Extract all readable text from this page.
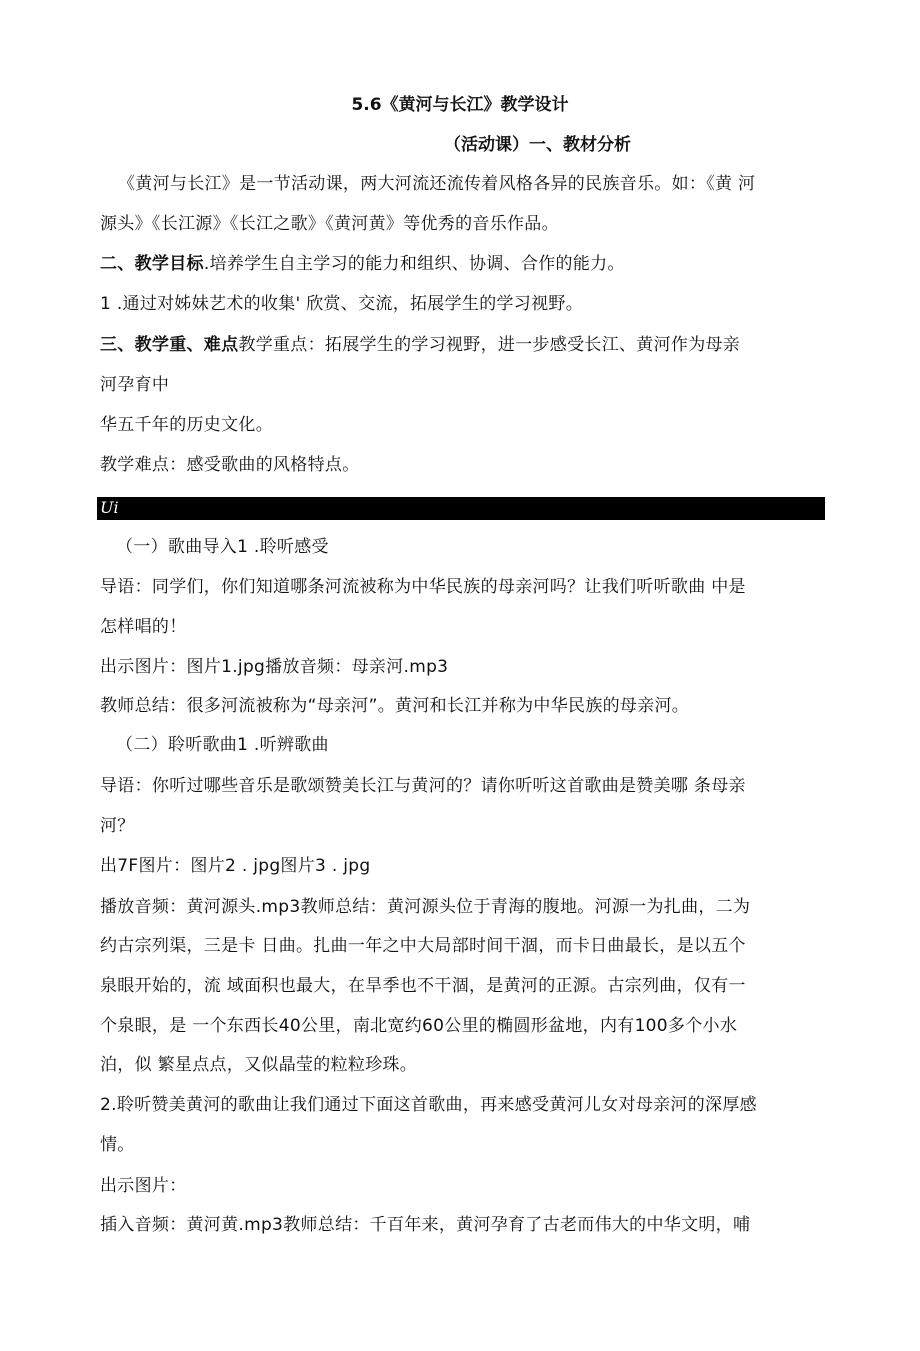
5.6《黄河与长江》教学设计
（活动课）一、教材分析
《黄河与长江》是一节活动课，两大河流还流传着风格各异的民族音乐。如：《黄 河
源头》《长江源》《长江之歌》《黄河黄》等优秀的音乐作品。
二、教学目标.培养学生自主学习的能力和组织、协调、合作的能力。
1 .通过对姊妹艺术的收集' 欣赏、交流，拓展学生的学习视野。
三、教学重、难点教学重点：拓展学生的学习视野，进一步感受长江、黄河作为母亲
河孕育中
华五千年的历史文化。
教学难点：感受歌曲的风格特点。
Ui
（一）歌曲导入1 .聆听感受
导语：同学们，你们知道哪条河流被称为中华民族的母亲河吗？让我们听听歌曲 中是
怎样唱的！
出示图片：图片1.jpg播放音频：母亲河.mp3
教师总结：很多河流被称为“母亲河”。黄河和长江并称为中华民族的母亲河。
（二）聆听歌曲1 .听辨歌曲
导语：你听过哪些音乐是歌颂赞美长江与黄河的？请你听听这首歌曲是赞美哪 条母亲
河？
出7F图片：图片2 . jpg图片3 . jpg
播放音频：黄河源头.mp3教师总结：黄河源头位于青海的腹地。河源一为扎曲，二为
约古宗列渠，三是卡 日曲。扎曲一年之中大局部时间干涸，而卡日曲最长，是以五个
泉眼开始的，流 域面积也最大，在旱季也不干涸，是黄河的正源。古宗列曲，仅有一
个泉眼，是 一个东西长40公里，南北宽约60公里的椭圆形盆地，内有100多个小水
泊，似 繁星点点，又似晶莹的粒粒珍珠。
2.聆听赞美黄河的歌曲让我们通过下面这首歌曲，再来感受黄河儿女对母亲河的深厚感
情。
出示图片：
插入音频：黄河黄.mp3教师总结：千百年来，黄河孕育了古老而伟大的中华文明，哺
